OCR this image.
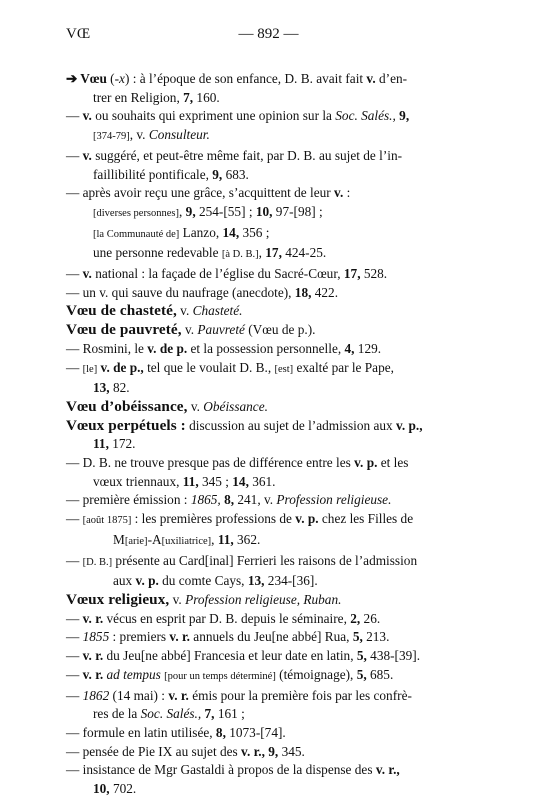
VŒ	— 892 —
➔ Vœu (-x) : à l’époque de son enfance, D. B. avait fait v. d’en-
trer en Religion, 7, 160.
— v. ou souhaits qui expriment une opinion sur la Soc. Salés., 9,
[374-79], v. Consulteur.
— v. suggéré, et peut-être même fait, par D. B. au sujet de l’in-
faillibilité pontificale, 9, 683.
— après avoir reçu une grâce, s’acquittent de leur v. :
[diverses personnes], 9, 254-[55] ; 10, 97-[98] ;
[la Communauté de] Lanzo, 14, 356 ;
une personne redevable [à D. B.], 17, 424-25.
— v. national : la façade de l’église du Sacré-Cœur, 17, 528.
— un v. qui sauve du naufrage (anecdote), 18, 422.
Vœu de chasteté, v. Chasteté.
Vœu de pauvreté, v. Pauvreté (Vœu de p.).
— Rosmini, le v. de p. et la possession personnelle, 4, 129.
— [le] v. de p., tel que le voulait D. B., [est] exalté par le Pape,
13, 82.
Vœu d’obéissance, v. Obéissance.
Vœux perpétuels : discussion au sujet de l’admission aux v. p.,
11, 172.
— D. B. ne trouve presque pas de différence entre les v. p. et les
vœux triennaux, 11, 345 ; 14, 361.
— première émission : 1865, 8, 241, v. Profession religieuse.
— [août 1875] : les premières professions de v. p. chez les Filles de
M[arie]-A[uxiliatrice], 11, 362.
— [D. B.] présente au Card[inal] Ferrieri les raisons de l’admission
aux v. p. du comte Cays, 13, 234-[36].
Vœux religieux, v. Profession religieuse, Ruban.
— v. r. vécus en esprit par D. B. depuis le séminaire, 2, 26.
— 1855 : premiers v. r. annuels du Jeu[ne abbé] Rua, 5, 213.
— v. r. du Jeu[ne abbé] Francesia et leur date en latin, 5, 438-[39].
— v. r. ad tempus [pour un temps déterminé] (témoignage), 5, 685.
— 1862 (14 mai) : v. r. émis pour la première fois par les confrè-
res de la Soc. Salés., 7, 161 ;
— formule en latin utilisée, 8, 1073-[74].
— pensée de Pie IX au sujet des v. r., 9, 345.
— insistance de Mgr Gastaldi à propos de la dispense des v. r.,
10, 702.
